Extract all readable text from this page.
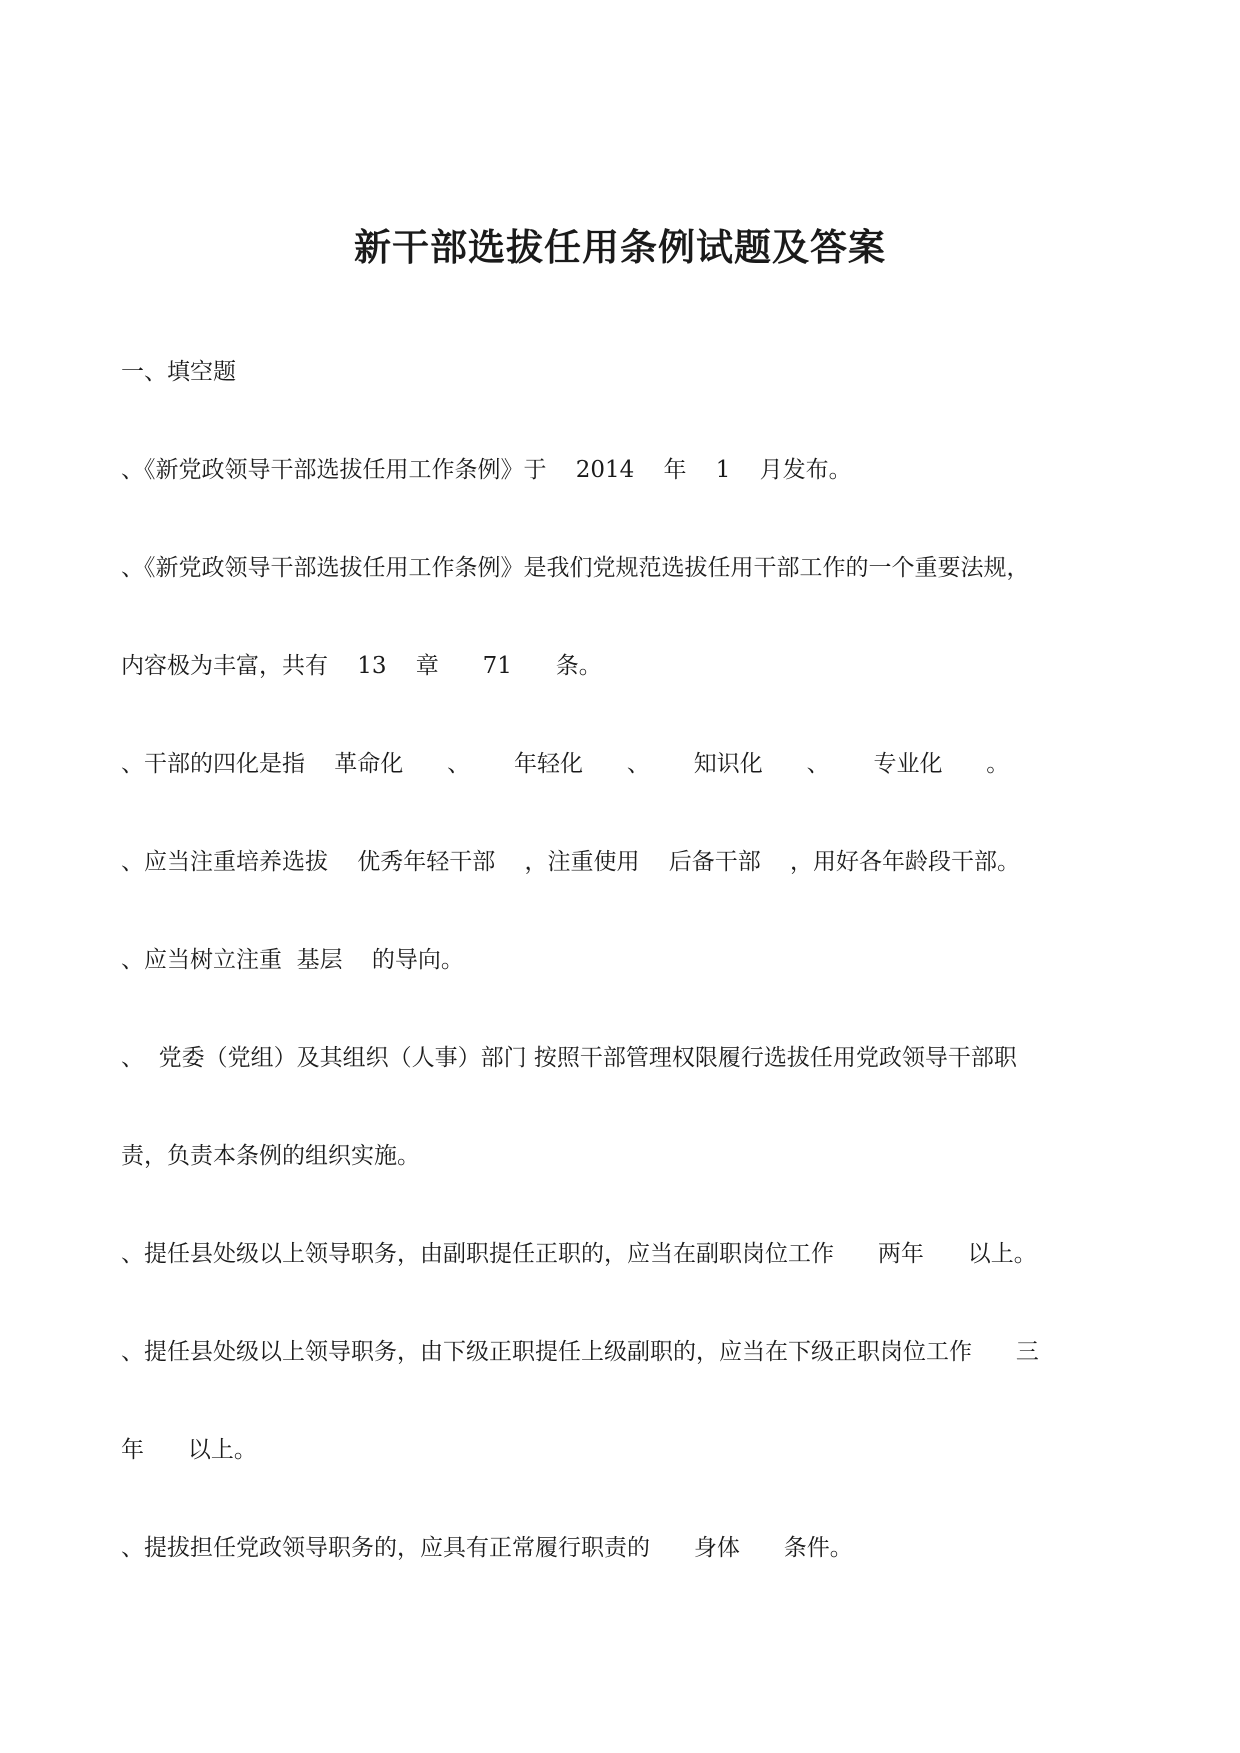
新干部选拔任用条例试题及答案
一、填空题
、《新党政领导干部选拔任用工作条例》于    2014    年    1    月发布。
、《新党政领导干部选拔任用工作条例》是我们党规范选拔任用干部工作的一个重要法规，
内容极为丰富，共有    13    章      71      条。
、干部的四化是指    革命化      、      年轻化      、      知识化      、      专业化      。
、应当注重培养选拔    优秀年轻干部    ，注重使用    后备干部    ，用好各年龄段干部。
、应当树立注重  基层    的导向。
、  党委（党组）及其组织（人事）部门 按照干部管理权限履行选拔任用党政领导干部职
责，负责本条例的组织实施。
、提任县处级以上领导职务，由副职提任正职的，应当在副职岗位工作      两年      以上。
、提任县处级以上领导职务，由下级正职提任上级副职的，应当在下级正职岗位工作      三
年      以上。
、提拔担任党政领导职务的，应具有正常履行职责的      身体      条件。
